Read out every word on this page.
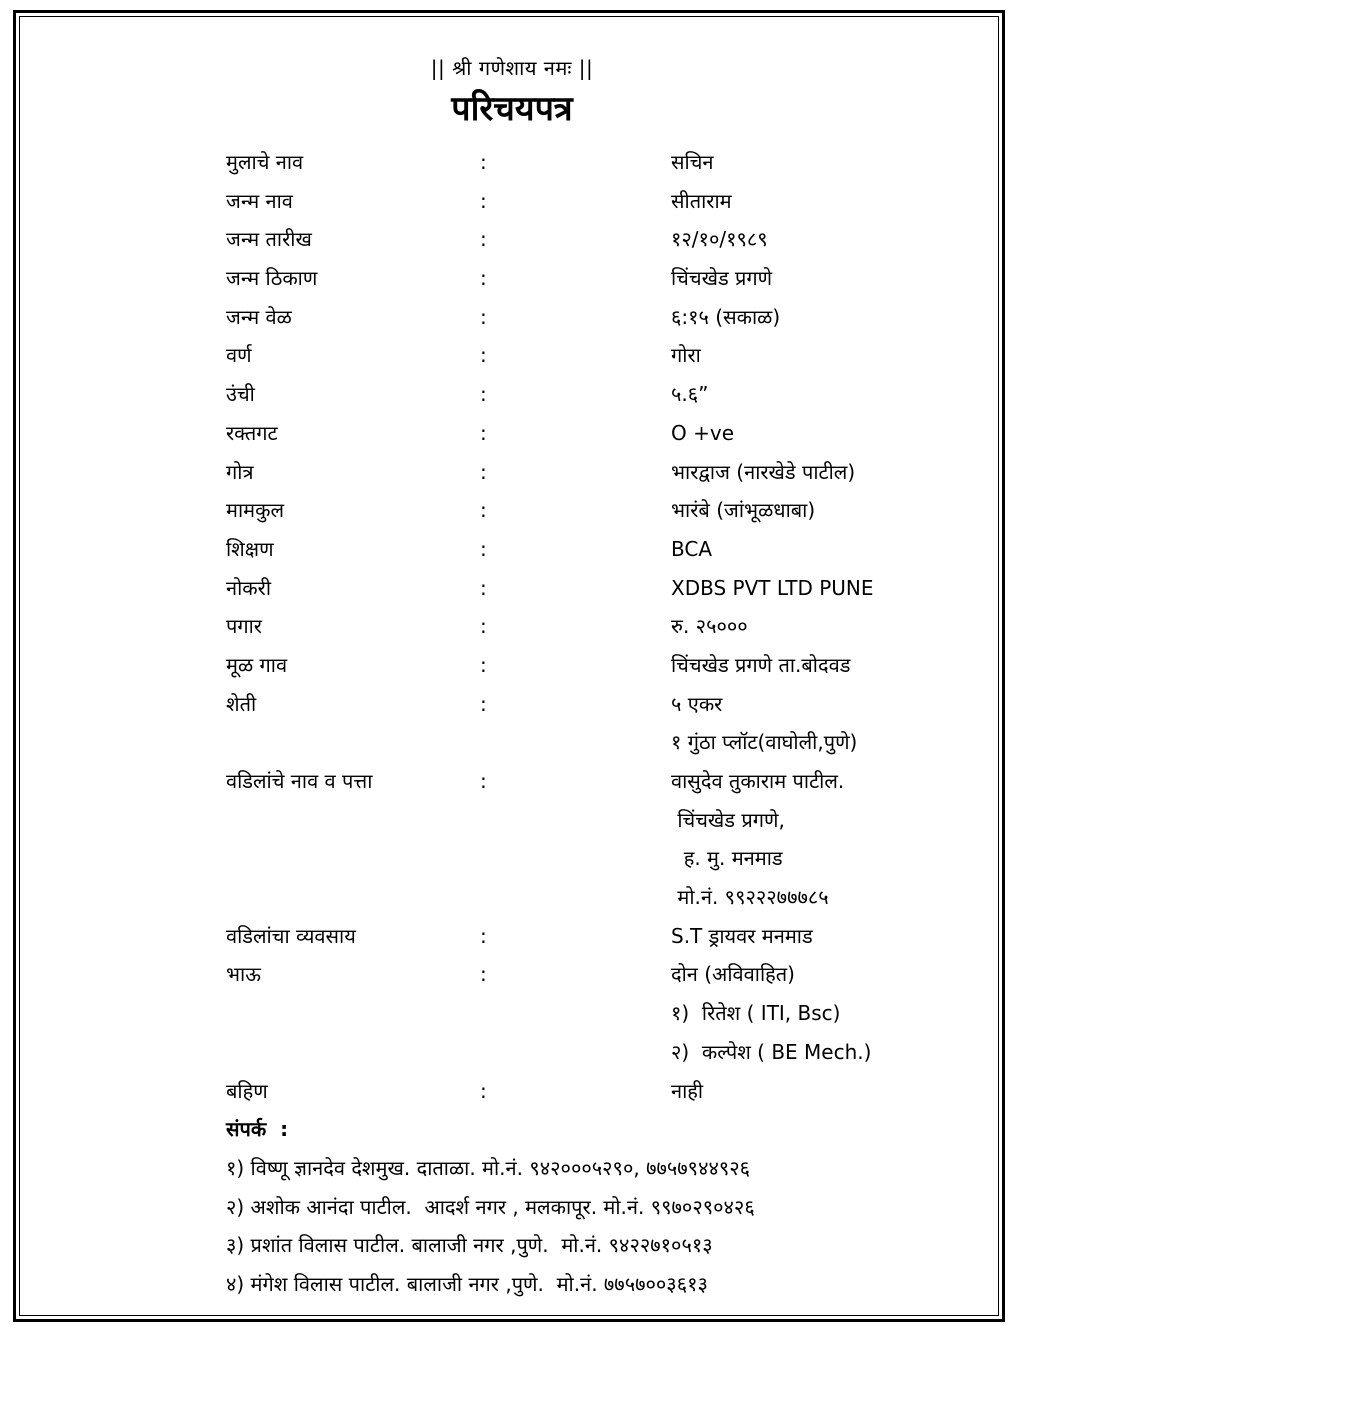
|| श्री गणेशाय नमः ||
परिचयपत्र
मुलाचे नाव	:	सचिन
जन्म नाव	:	सीताराम
जन्म तारीख	:	१२/१०/१९८९
जन्म ठिकाण	:	चिंचखेड प्रगणे
जन्म वेळ	:	६:१५ (सकाळ)
वर्ण	:	गोरा
उंची	:	५.६”
रक्तगट	:	O +ve
गोत्र	:	भारद्वाज (नारखेडे पाटील)
मामकुल	:	भारंबे (जांभूळधाबा)
शिक्षण	:	BCA
नोकरी	:	XDBS PVT LTD PUNE
पगार	:	रु. २५०००
मूळ गाव	:	चिंचखेड प्रगणे ता.बोदवड
शेती	:	५ एकर
१ गुंठा प्लॉट(वाघोली,पुणे)
वडिलांचे नाव व पत्ता	:	वासुदेव तुकाराम पाटील.
चिंचखेड प्रगणे,
ह. मु. मनमाड
मो.नं. ९९२२२७७७८५
वडिलांचा व्यवसाय	:	S.T ड्रायवर मनमाड
भाऊ	:	दोन (अविवाहित)
१)  रितेश ( ITI, Bsc)
२)  कल्पेश ( BE Mech.)
बहिण	:	नाही
संपर्क  :
१) विष्णू ज्ञानदेव देशमुख. दाताळा. मो.नं. ९४२०००५२९०, ७७५७९४४९२६
२) अशोक आनंदा पाटील.  आदर्श नगर , मलकापूर. मो.नं. ९९७०२९०४२६
३) प्रशांत विलास पाटील. बालाजी नगर ,पुणे.  मो.नं. ९४२२७१०५१३
४) मंगेश विलास पाटील. बालाजी नगर ,पुणे.  मो.नं. ७७५७००३६१३
